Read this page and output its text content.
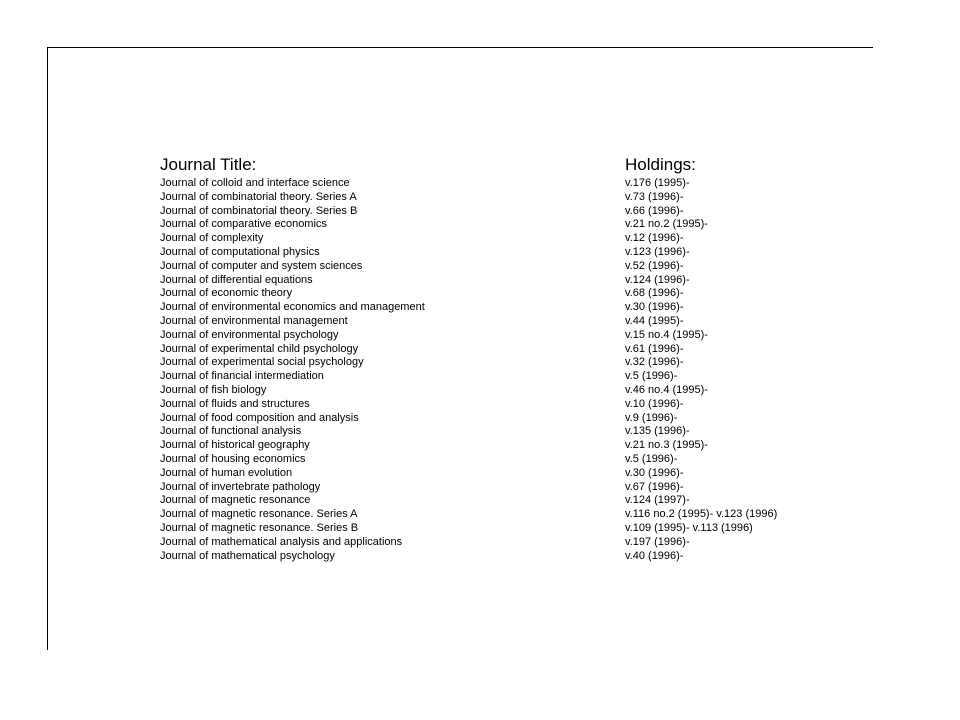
Journal Title:	Holdings:
Journal of colloid and interface science	v.176 (1995)-
Journal of combinatorial theory. Series A	v.73 (1996)-
Journal of combinatorial theory. Series B	v.66 (1996)-
Journal of comparative economics	v.21 no.2 (1995)-
Journal of complexity	v.12 (1996)-
Journal of computational physics	v.123 (1996)-
Journal of computer and system sciences	v.52 (1996)-
Journal of differential equations	v.124 (1996)-
Journal of economic theory	v.68 (1996)-
Journal of environmental economics and management	v.30 (1996)-
Journal of environmental management	v.44 (1995)-
Journal of environmental psychology	v.15 no.4 (1995)-
Journal of experimental child psychology	v.61 (1996)-
Journal of experimental social psychology	v.32 (1996)-
Journal of financial intermediation	v.5 (1996)-
Journal of fish biology	v.46 no.4 (1995)-
Journal of fluids and structures	v.10 (1996)-
Journal of food composition and analysis	v.9 (1996)-
Journal of functional analysis	v.135 (1996)-
Journal of historical geography	v.21 no.3 (1995)-
Journal of housing economics	v.5 (1996)-
Journal of human evolution	v.30 (1996)-
Journal of invertebrate pathology	v.67 (1996)-
Journal of magnetic resonance	v.124 (1997)-
Journal of magnetic resonance. Series A	v.116 no.2 (1995)- v.123 (1996)
Journal of magnetic resonance. Series B	v.109 (1995)- v.113 (1996)
Journal of mathematical analysis and applications	v.197 (1996)-
Journal of mathematical psychology	v.40 (1996)-
